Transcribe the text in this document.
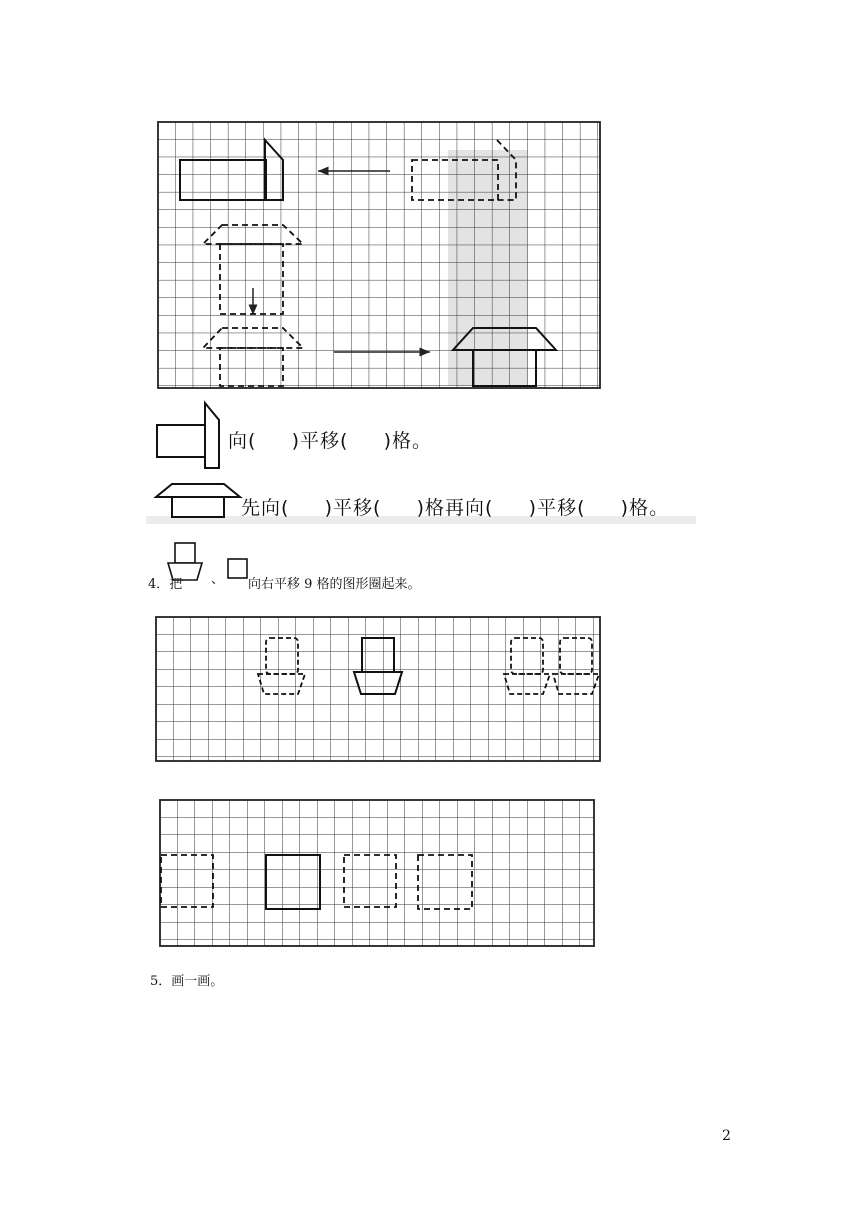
向(     )平移(     )格。
先向(     )平移(     )格再向(     )平移(     )格。
4．把 、 向右平移 9 格的图形圈起来。
5．画一画。
2
